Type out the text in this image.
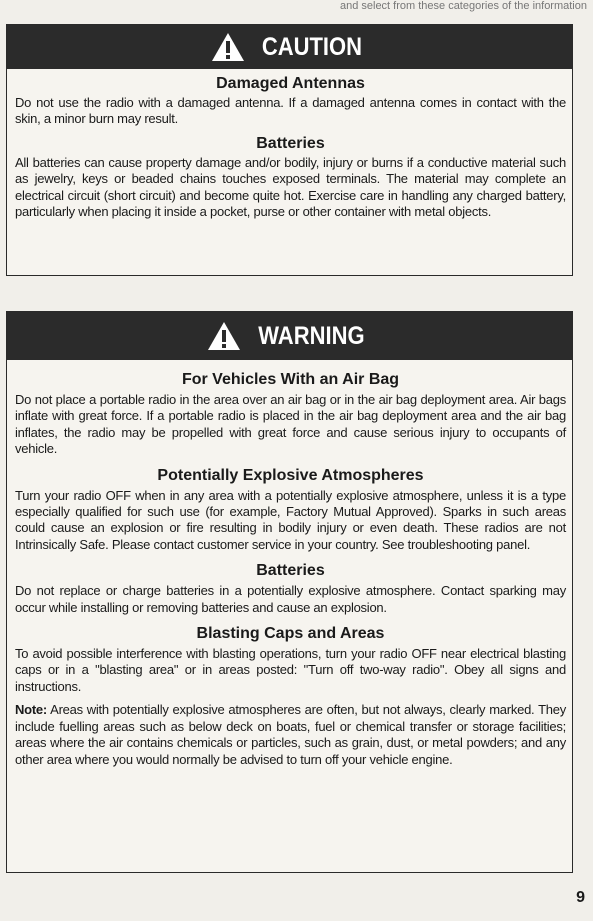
and select from these categories of the information
CAUTION
Damaged Antennas

Do not use the radio with a damaged antenna. If a damaged antenna comes in contact with the skin, a minor burn may result.

Batteries

All batteries can cause property damage and/or bodily, injury or burns if a conductive material such as jewelry, keys or beaded chains touches exposed terminals. The material may complete an electrical circuit (short circuit) and become quite hot. Exercise care in handling any charged battery, particularly when placing it inside a pocket, purse or other container with metal objects.

WARNING
For Vehicles With an Air Bag

Do not place a portable radio in the area over an air bag or in the air bag deployment area. Air bags inflate with great force. If a portable radio is placed in the air bag deployment area and the air bag inflates, the radio may be propelled with great force and cause serious injury to occupants of vehicle.

Potentially Explosive Atmospheres

Turn your radio OFF when in any area with a potentially explosive atmosphere, unless it is a type especially qualified for such use (for example, Factory Mutual Approved). Sparks in such areas could cause an explosion or fire resulting in bodily injury or even death. These radios are not Intrinsically Safe. Please contact customer service in your country. See troubleshooting panel.

Batteries

Do not replace or charge batteries in a potentially explosive atmosphere. Contact sparking may occur while installing or removing batteries and cause an explosion.

Blasting Caps and Areas

To avoid possible interference with blasting operations, turn your radio OFF near electrical blasting caps or in a "blasting area" or in areas posted: "Turn off two-way radio". Obey all signs and instructions.

Note: Areas with potentially explosive atmospheres are often, but not always, clearly marked. They include fuelling areas such as below deck on boats, fuel or chemical transfer or storage facilities; areas where the air contains chemicals or particles, such as grain, dust, or metal powders; and any other area where you would normally be advised to turn off your vehicle engine.

9
